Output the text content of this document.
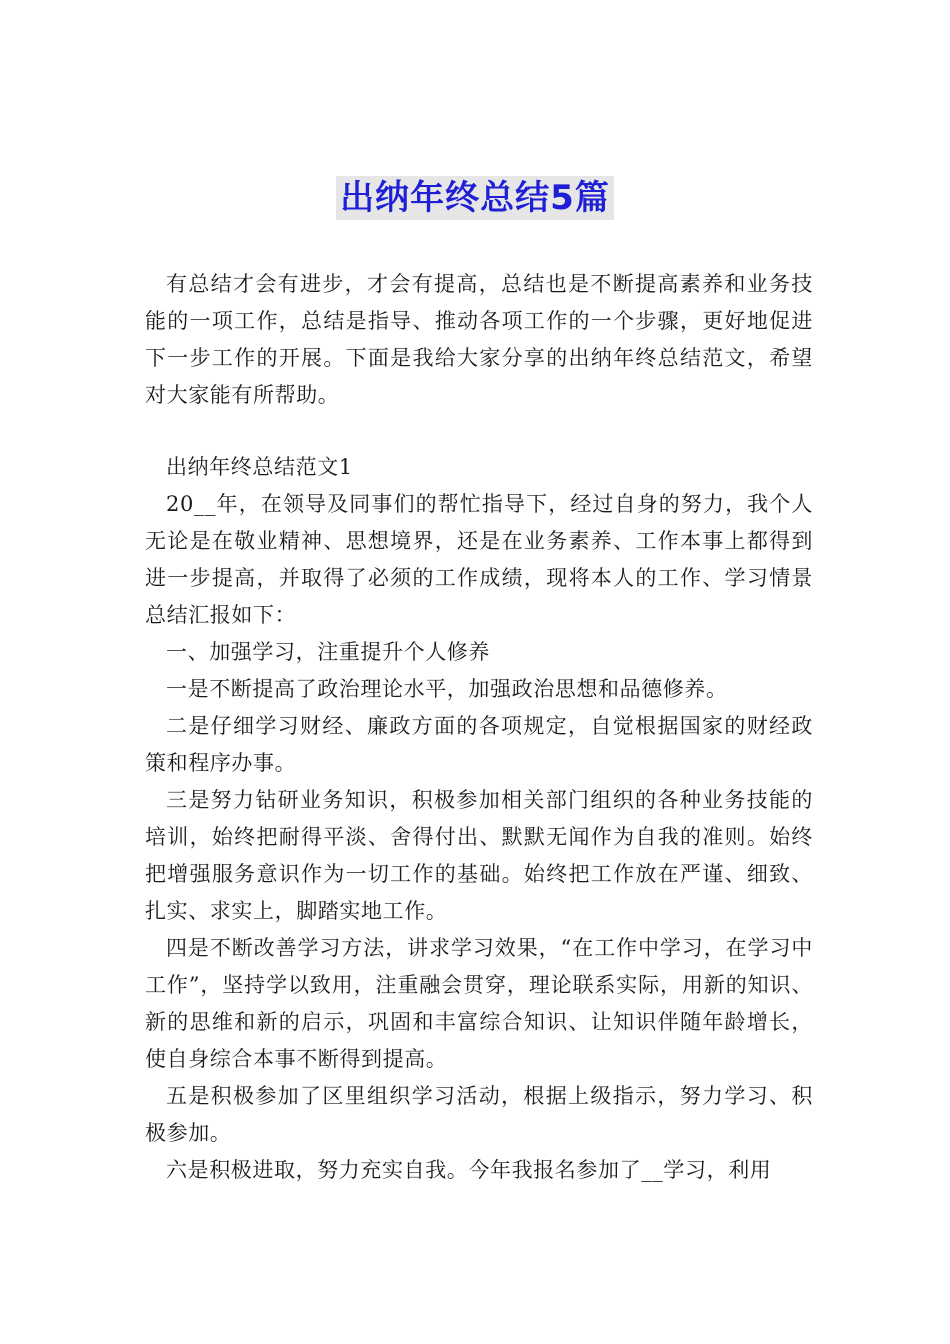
出纳年终总结5篇

有总结才会有进步，才会有提高，总结也是不断提高素养和业务技能的一项工作，总结是指导、推动各项工作的一个步骤，更好地促进下一步工作的开展。下面是我给大家分享的出纳年终总结范文，希望对大家能有所帮助。

出纳年终总结范文1

20__年，在领导及同事们的帮忙指导下，经过自身的努力，我个人无论是在敬业精神、思想境界，还是在业务素养、工作本事上都得到进一步提高，并取得了必须的工作成绩，现将本人的工作、学习情景总结汇报如下：

一、加强学习，注重提升个人修养

一是不断提高了政治理论水平，加强政治思想和品德修养。

二是仔细学习财经、廉政方面的各项规定，自觉根据国家的财经政策和程序办事。

三是努力钻研业务知识，积极参加相关部门组织的各种业务技能的培训，始终把耐得平淡、舍得付出、默默无闻作为自我的准则。始终把增强服务意识作为一切工作的基础。始终把工作放在严谨、细致、扎实、求实上，脚踏实地工作。

四是不断改善学习方法，讲求学习效果，“在工作中学习，在学习中工作”，坚持学以致用，注重融会贯穿，理论联系实际，用新的知识、新的思维和新的启示，巩固和丰富综合知识、让知识伴随年龄增长，使自身综合本事不断得到提高。

五是积极参加了区里组织学习活动，根据上级指示，努力学习、积极参加。

六是积极进取，努力充实自我。今年我报名参加了__学习，利用
